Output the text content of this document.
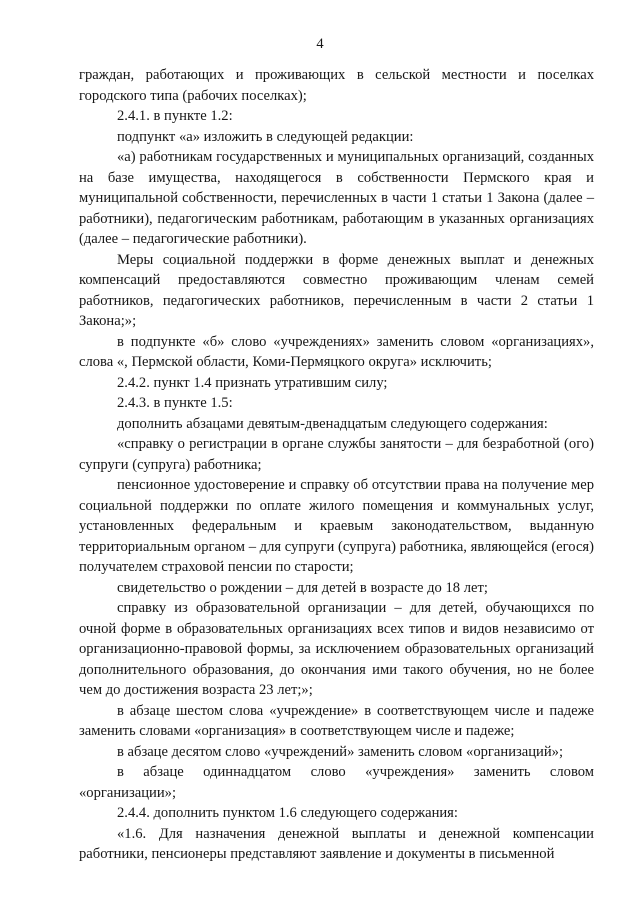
4

граждан, работающих и проживающих в сельской местности и поселках городского типа (рабочих поселках);

2.4.1. в пункте 1.2:

подпункт «а» изложить в следующей редакции:

«а) работникам государственных и муниципальных организаций, созданных на базе имущества, находящегося в собственности Пермского края и муниципальной собственности, перечисленных в части 1 статьи 1 Закона (далее – работники), педагогическим работникам, работающим в указанных организациях (далее – педагогические работники).

Меры социальной поддержки в форме денежных выплат и денежных компенсаций предоставляются совместно проживающим членам семей работников, педагогических работников, перечисленным в части 2 статьи 1 Закона;»;

в подпункте «б» слово «учреждениях» заменить словом «организациях», слова «, Пермской области, Коми-Пермяцкого округа» исключить;

2.4.2. пункт 1.4 признать утратившим силу;

2.4.3. в пункте 1.5:

дополнить абзацами девятым-двенадцатым следующего содержания:

«справку о регистрации в органе службы занятости – для безработной (ого) супруги (супруга) работника;

пенсионное удостоверение и справку об отсутствии права на получение мер социальной поддержки по оплате жилого помещения и коммунальных услуг, установленных федеральным и краевым законодательством, выданную территориальным органом – для супруги (супруга) работника, являющейся (егося) получателем страховой пенсии по старости;

свидетельство о рождении – для детей в возрасте до 18 лет;

справку из образовательной организации – для детей, обучающихся по очной форме в образовательных организациях всех типов и видов независимо от организационно-правовой формы, за исключением образовательных организаций дополнительного образования, до окончания ими такого обучения, но не более чем до достижения возраста 23 лет;»;

в абзаце шестом слова «учреждение» в соответствующем числе и падеже заменить словами «организация» в соответствующем числе и падеже;

в абзаце десятом слово «учреждений» заменить словом «организаций»;

в абзаце одиннадцатом слово «учреждения» заменить словом «организации»;

2.4.4. дополнить пунктом 1.6 следующего содержания:

«1.6. Для назначения денежной выплаты и денежной компенсации работники, пенсионеры представляют заявление и документы в письменной
